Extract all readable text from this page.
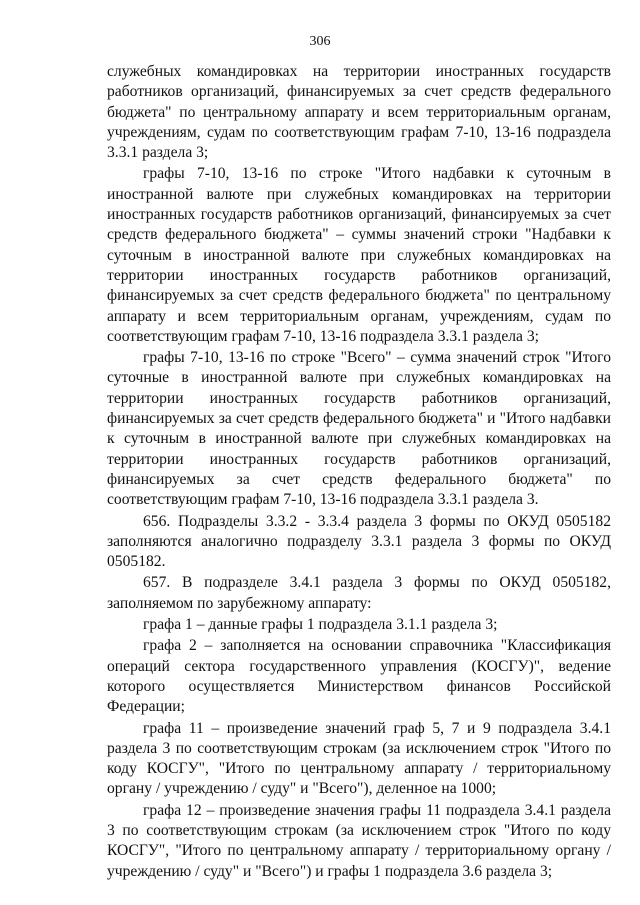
306

служебных командировках на территории иностранных государств работников организаций, финансируемых за счет средств федерального бюджета" по центральному аппарату и всем территориальным органам, учреждениям, судам по соответствующим графам 7-10, 13-16 подраздела 3.3.1 раздела 3;

графы 7-10, 13-16 по строке "Итого надбавки к суточным в иностранной валюте при служебных командировках на территории иностранных государств работников организаций, финансируемых за счет средств федерального бюджета" – суммы значений строки "Надбавки к суточным в иностранной валюте при служебных командировках на территории иностранных государств работников организаций, финансируемых за счет средств федерального бюджета" по центральному аппарату и всем территориальным органам, учреждениям, судам по соответствующим графам 7-10, 13-16 подраздела 3.3.1 раздела 3;

графы 7-10, 13-16 по строке "Всего" – сумма значений строк "Итого суточные в иностранной валюте при служебных командировках на территории иностранных государств работников организаций, финансируемых за счет средств федерального бюджета" и "Итого надбавки к суточным в иностранной валюте при служебных командировках на территории иностранных государств работников организаций, финансируемых за счет средств федерального бюджета" по соответствующим графам 7-10, 13-16 подраздела 3.3.1 раздела 3.

656. Подразделы 3.3.2 - 3.3.4 раздела 3 формы по ОКУД 0505182 заполняются аналогично подразделу 3.3.1 раздела 3 формы по ОКУД 0505182.

657. В подразделе 3.4.1 раздела 3 формы по ОКУД 0505182, заполняемом по зарубежному аппарату:

графа 1 – данные графы 1 подраздела 3.1.1 раздела 3;

графа 2 – заполняется на основании справочника "Классификация операций сектора государственного управления (КОСГУ)", ведение которого осуществляется Министерством финансов Российской Федерации;

графа 11 – произведение значений граф 5, 7 и 9 подраздела 3.4.1 раздела 3 по соответствующим строкам (за исключением строк "Итого по коду КОСГУ", "Итого по центральному аппарату / территориальному органу / учреждению / суду" и "Всего"), деленное на 1000;

графа 12 – произведение значения графы 11 подраздела 3.4.1 раздела 3 по соответствующим строкам (за исключением строк "Итого по коду КОСГУ", "Итого по центральному аппарату / территориальному органу / учреждению / суду" и "Всего") и графы 1 подраздела 3.6 раздела 3;
